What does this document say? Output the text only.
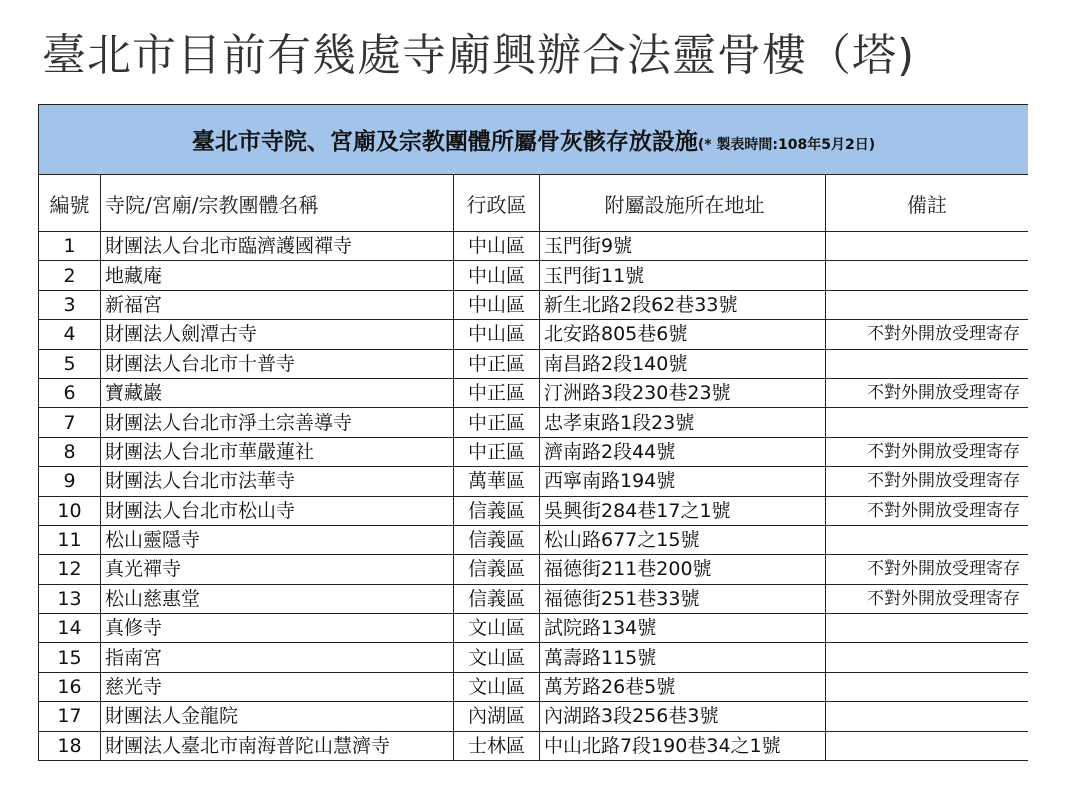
臺北市目前有幾處寺廟興辦合法靈骨樓（塔)
臺北市寺院、宮廟及宗教團體所屬骨灰骸存放設施(* 製表時間:108年5月2日)				
編號	寺院/宮廟/宗教團體名稱	行政區	附屬設施所在地址	備註
1	財團法人台北市臨濟護國禪寺	中山區	玉門街9號	
2	地藏庵	中山區	玉門街11號	
3	新福宮	中山區	新生北路2段62巷33號	
4	財團法人劍潭古寺	中山區	北安路805巷6號	不對外開放受理寄存
5	財團法人台北市十普寺	中正區	南昌路2段140號	
6	寶藏巖	中正區	汀洲路3段230巷23號	不對外開放受理寄存
7	財團法人台北市淨土宗善導寺	中正區	忠孝東路1段23號	
8	財團法人台北市華嚴蓮社	中正區	濟南路2段44號	不對外開放受理寄存
9	財團法人台北市法華寺	萬華區	西寧南路194號	不對外開放受理寄存
10	財團法人台北市松山寺	信義區	吳興街284巷17之1號	不對外開放受理寄存
11	松山靈隱寺	信義區	松山路677之15號	
12	真光禪寺	信義區	福德街211巷200號	不對外開放受理寄存
13	松山慈惠堂	信義區	福德街251巷33號	不對外開放受理寄存
14	真修寺	文山區	試院路134號	
15	指南宮	文山區	萬壽路115號	
16	慈光寺	文山區	萬芳路26巷5號	
17	財團法人金龍院	內湖區	內湖路3段256巷3號	
18	財團法人臺北市南海普陀山慧濟寺	士林區	中山北路7段190巷34之1號	
